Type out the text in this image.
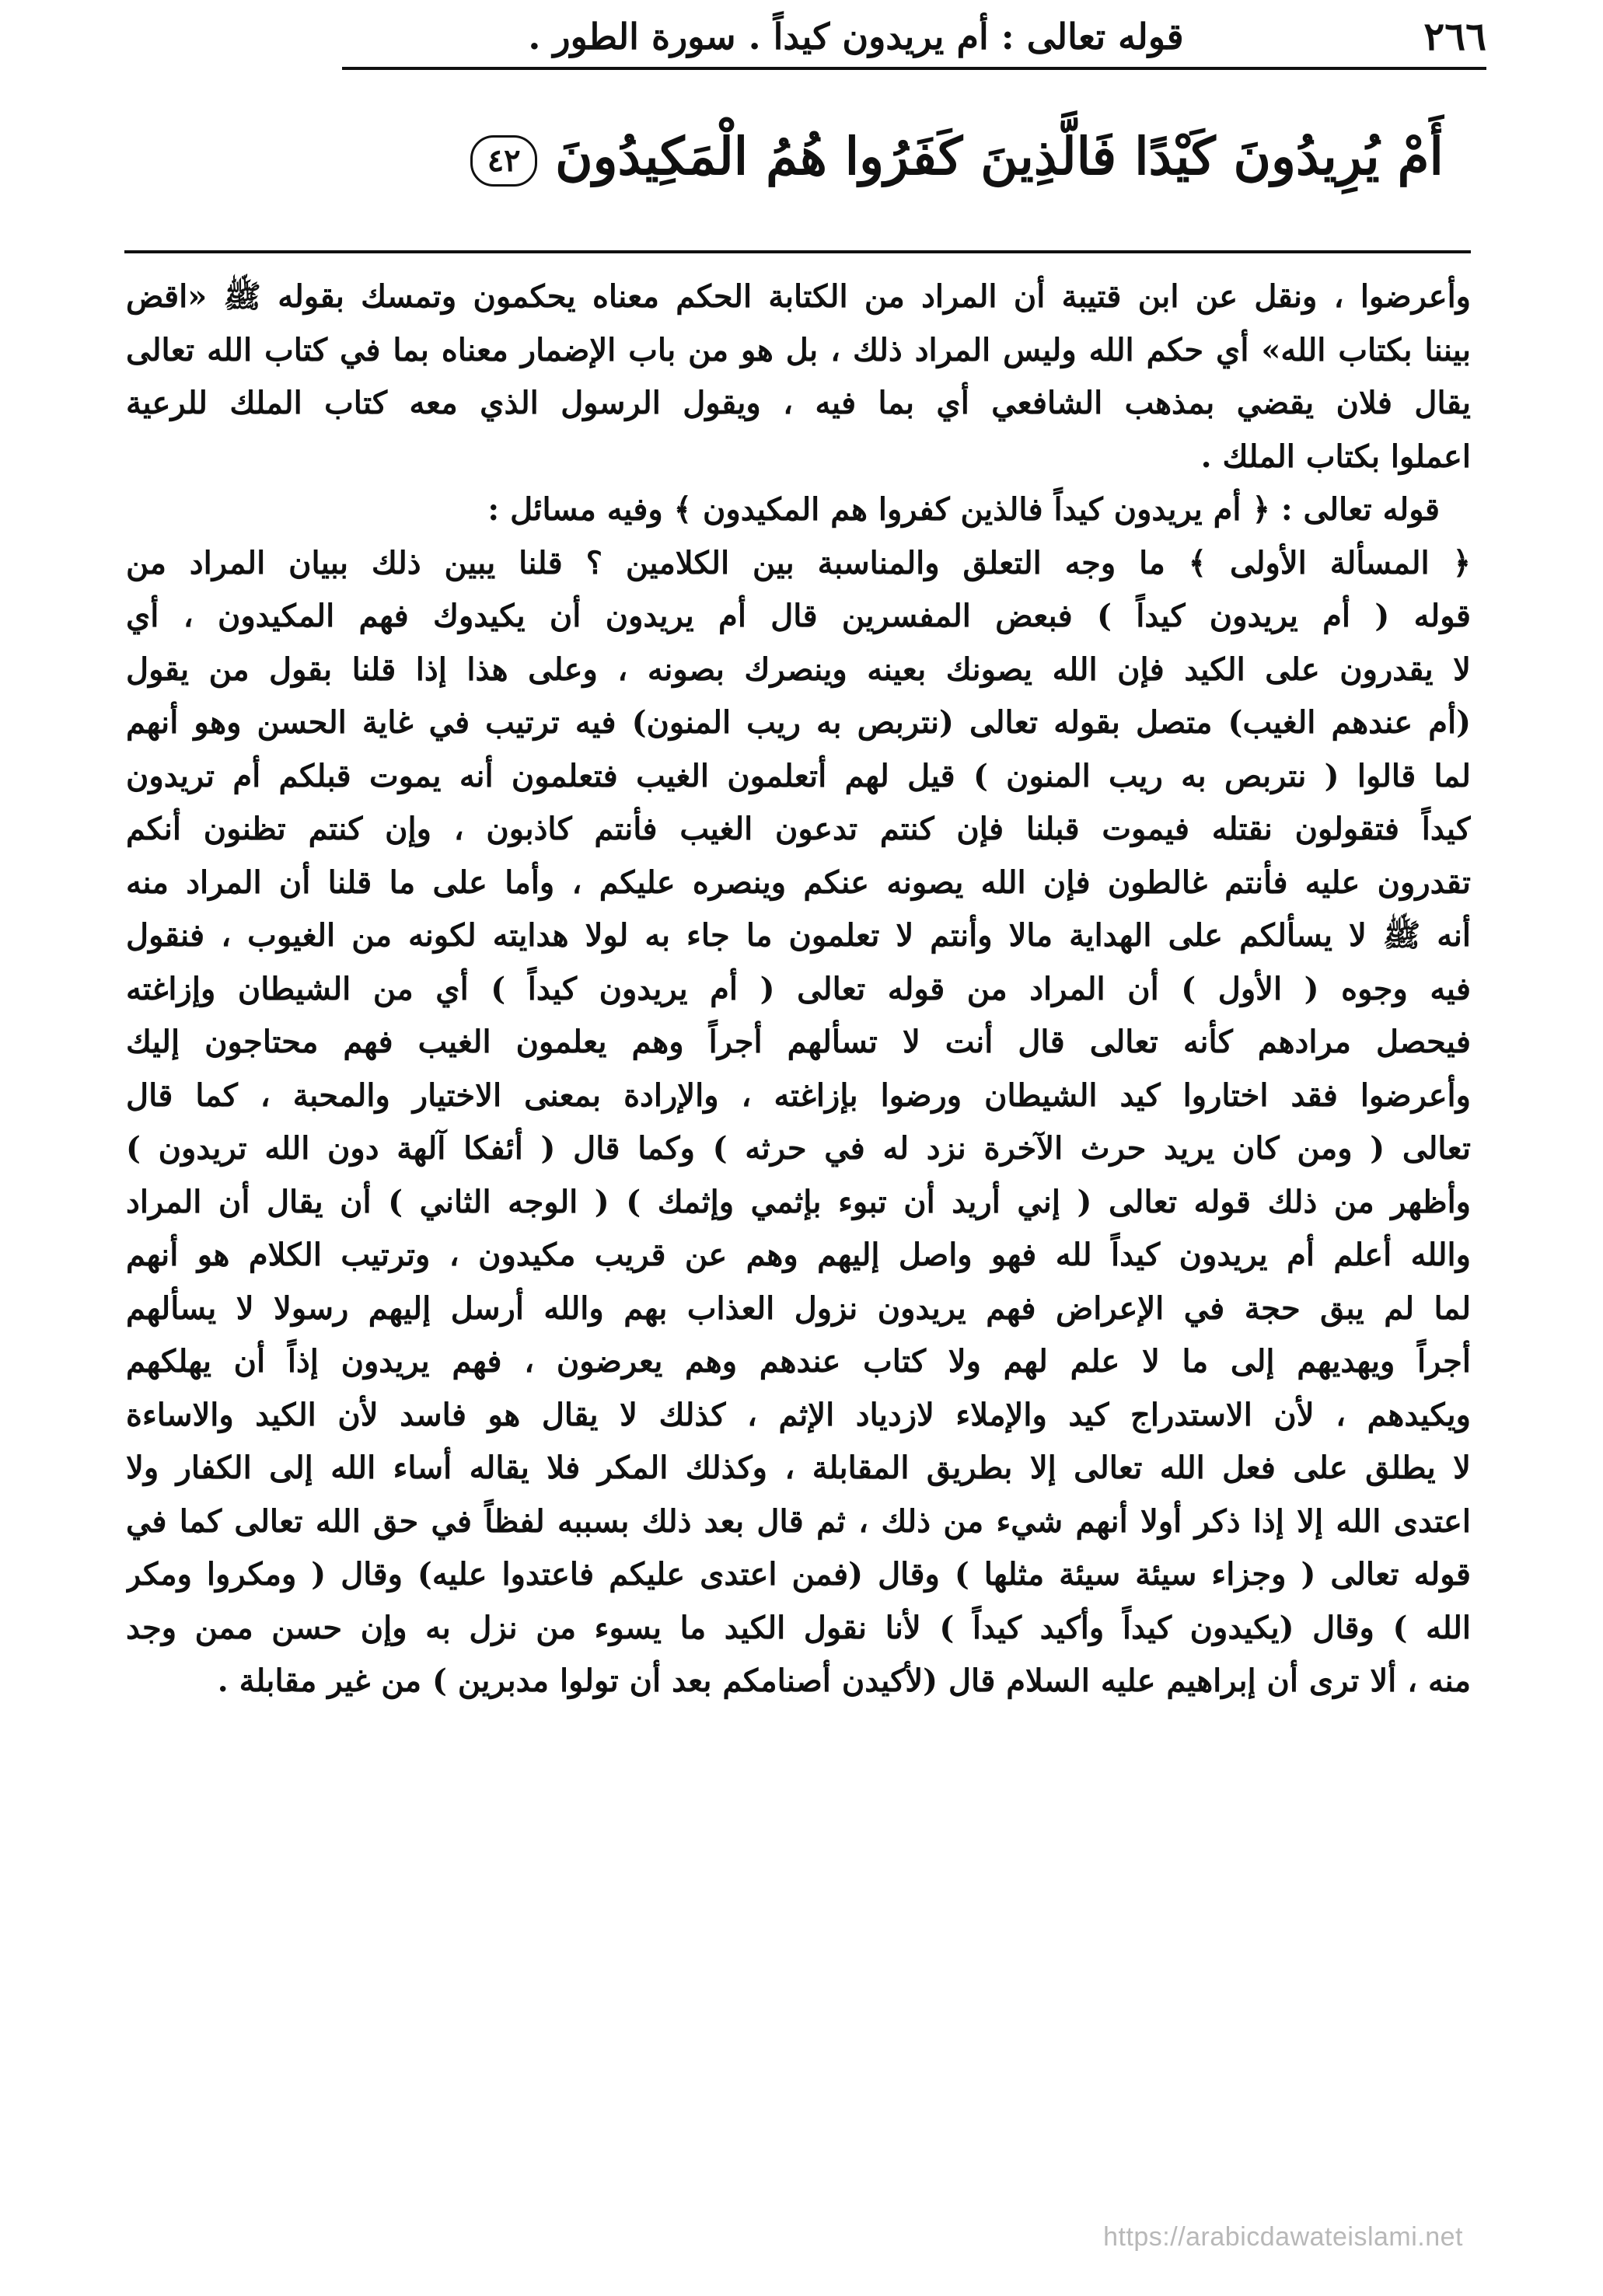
٢٦٦
قوله تعالى : أم يريدون كيداً . سورة الطور .
أَمْ يُرِيدُونَ كَيْدًا فَالَّذِينَ كَفَرُوا هُمُ الْمَكِيدُونَ ٤٢
وأعرضوا ، ونقل عن ابن قتيبة أن المراد من الكتابة الحكم معناه يحكمون وتمسك بقوله ﷺ «اقض
بيننا بكتاب الله» أي حكم الله وليس المراد ذلك ، بل هو من باب الإضمار معناه بما في كتاب الله تعالى
يقال فلان يقضي بمذهب الشافعي أي بما فيه ، ويقول الرسول الذي معه كتاب الملك للرعية
اعملوا بكتاب الملك .
قوله تعالى : ﴿ أم يريدون كيداً فالذين كفروا هم المكيدون ﴾ وفيه مسائل :
﴿ المسألة الأولى ﴾ ما وجه التعلق والمناسبة بين الكلامين ؟ قلنا يبين ذلك ببيان المراد من
قوله ( أم يريدون كيداً ) فبعض المفسرين قال أم يريدون أن يكيدوك فهم المكيدون ، أي
لا يقدرون على الكيد فإن الله يصونك بعينه وينصرك بصونه ، وعلى هذا إذا قلنا بقول من يقول
(أم عندهم الغيب) متصل بقوله تعالى (نتربص به ريب المنون) فيه ترتيب في غاية الحسن وهو أنهم
لما قالوا ( نتربص به ريب المنون ) قيل لهم أتعلمون الغيب فتعلمون أنه يموت قبلكم أم تريدون
كيداً فتقولون نقتله فيموت قبلنا فإن كنتم تدعون الغيب فأنتم كاذبون ، وإن كنتم تظنون أنكم
تقدرون عليه فأنتم غالطون فإن الله يصونه عنكم وينصره عليكم ، وأما على ما قلنا أن المراد منه
أنه ﷺ لا يسألكم على الهداية مالا وأنتم لا تعلمون ما جاء به لولا هدايته لكونه من الغيوب ، فنقول
فيه وجوه ( الأول ) أن المراد من قوله تعالى ( أم يريدون كيداً ) أي من الشيطان وإزاغته
فيحصل مرادهم كأنه تعالى قال أنت لا تسألهم أجراً وهم يعلمون الغيب فهم محتاجون إليك
وأعرضوا فقد اختاروا كيد الشيطان ورضوا بإزاغته ، والإرادة بمعنى الاختيار والمحبة ، كما قال
تعالى ( ومن كان يريد حرث الآخرة نزد له في حرثه ) وكما قال ( أئفكا آلهة دون الله تريدون )
وأظهر من ذلك قوله تعالى ( إني أريد أن تبوء بإثمي وإثمك ) ( الوجه الثاني ) أن يقال أن المراد
والله أعلم أم يريدون كيداً لله فهو واصل إليهم وهم عن قريب مكيدون ، وترتيب الكلام هو أنهم
لما لم يبق حجة في الإعراض فهم يريدون نزول العذاب بهم والله أرسل إليهم رسولا لا يسألهم
أجراً ويهديهم إلى ما لا علم لهم ولا كتاب عندهم وهم يعرضون ، فهم يريدون إذاً أن يهلكهم
ويكيدهم ، لأن الاستدراج كيد والإملاء لازدياد الإثم ، كذلك لا يقال هو فاسد لأن الكيد والاساءة
لا يطلق على فعل الله تعالى إلا بطريق المقابلة ، وكذلك المكر فلا يقاله أساء الله إلى الكفار ولا
اعتدى الله إلا إذا ذكر أولا أنهم شيء من ذلك ، ثم قال بعد ذلك بسببه لفظاً في حق الله تعالى كما في
قوله تعالى ( وجزاء سيئة سيئة مثلها ) وقال (فمن اعتدى عليكم فاعتدوا عليه) وقال ( ومكروا ومكر
الله ) وقال (يكيدون كيداً وأكيد كيداً ) لأنا نقول الكيد ما يسوء من نزل به وإن حسن ممن وجد
منه ، ألا ترى أن إبراهيم عليه السلام قال (لأكيدن أصنامكم بعد أن تولوا مدبرين ) من غير مقابلة .
https://arabicdawateislami.net
